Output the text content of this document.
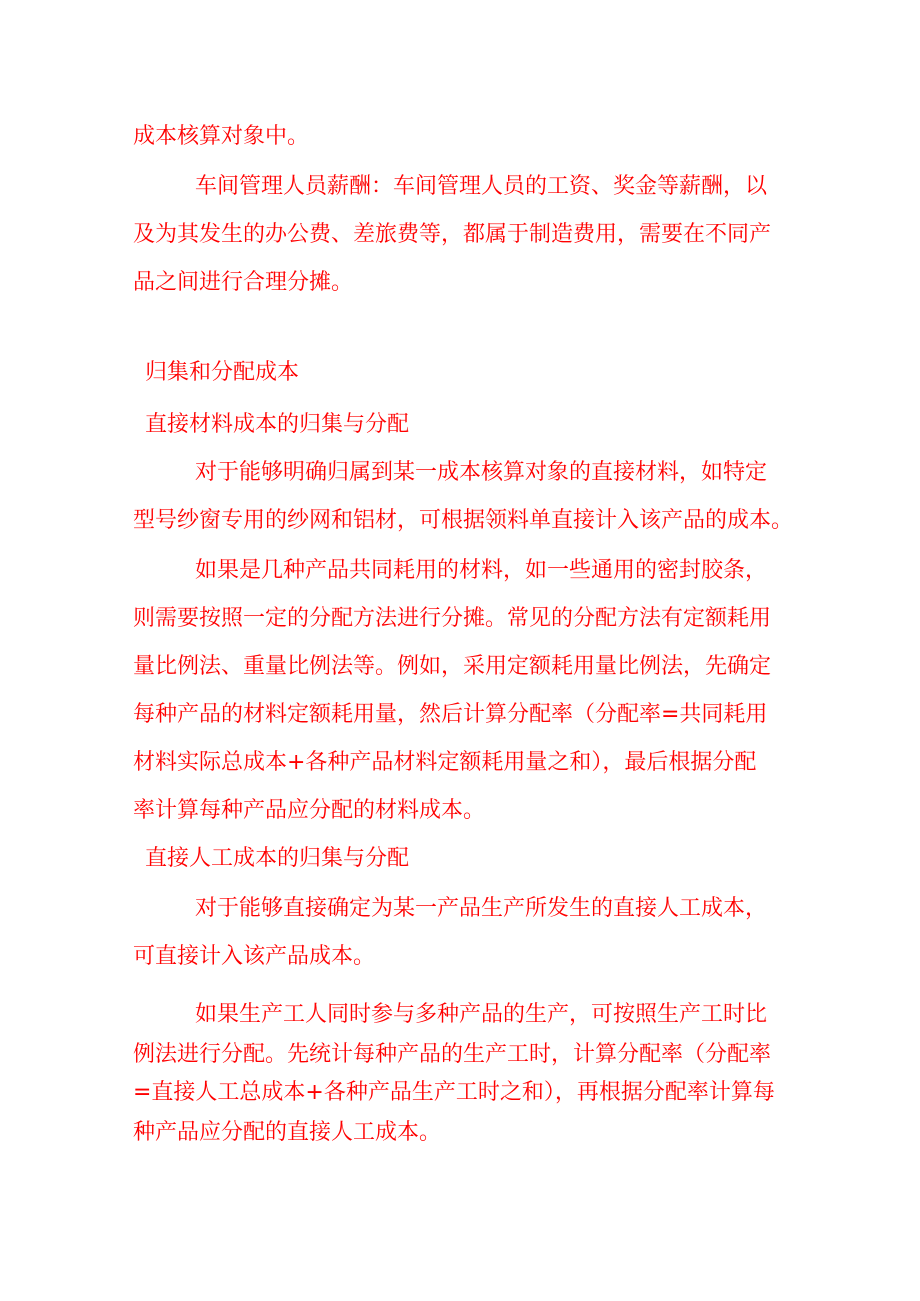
成本核算对象中。
车间管理人员薪酬：车间管理人员的工资、奖金等薪酬，以
及为其发生的办公费、差旅费等，都属于制造费用，需要在不同产
品之间进行合理分摊。
归集和分配成本
直接材料成本的归集与分配
对于能够明确归属到某一成本核算对象的直接材料，如特定
型号纱窗专用的纱网和铝材，可根据领料单直接计入该产品的成本。
如果是几种产品共同耗用的材料，如一些通用的密封胶条，
则需要按照一定的分配方法进行分摊。常见的分配方法有定额耗用
量比例法、重量比例法等。例如，采用定额耗用量比例法，先确定
每种产品的材料定额耗用量，然后计算分配率（分配率=共同耗用
材料实际总成本+各种产品材料定额耗用量之和），最后根据分配
率计算每种产品应分配的材料成本。
直接人工成本的归集与分配
对于能够直接确定为某一产品生产所发生的直接人工成本，
可直接计入该产品成本。
如果生产工人同时参与多种产品的生产，可按照生产工时比
例法进行分配。先统计每种产品的生产工时，计算分配率（分配率
=直接人工总成本+各种产品生产工时之和），再根据分配率计算每
种产品应分配的直接人工成本。
